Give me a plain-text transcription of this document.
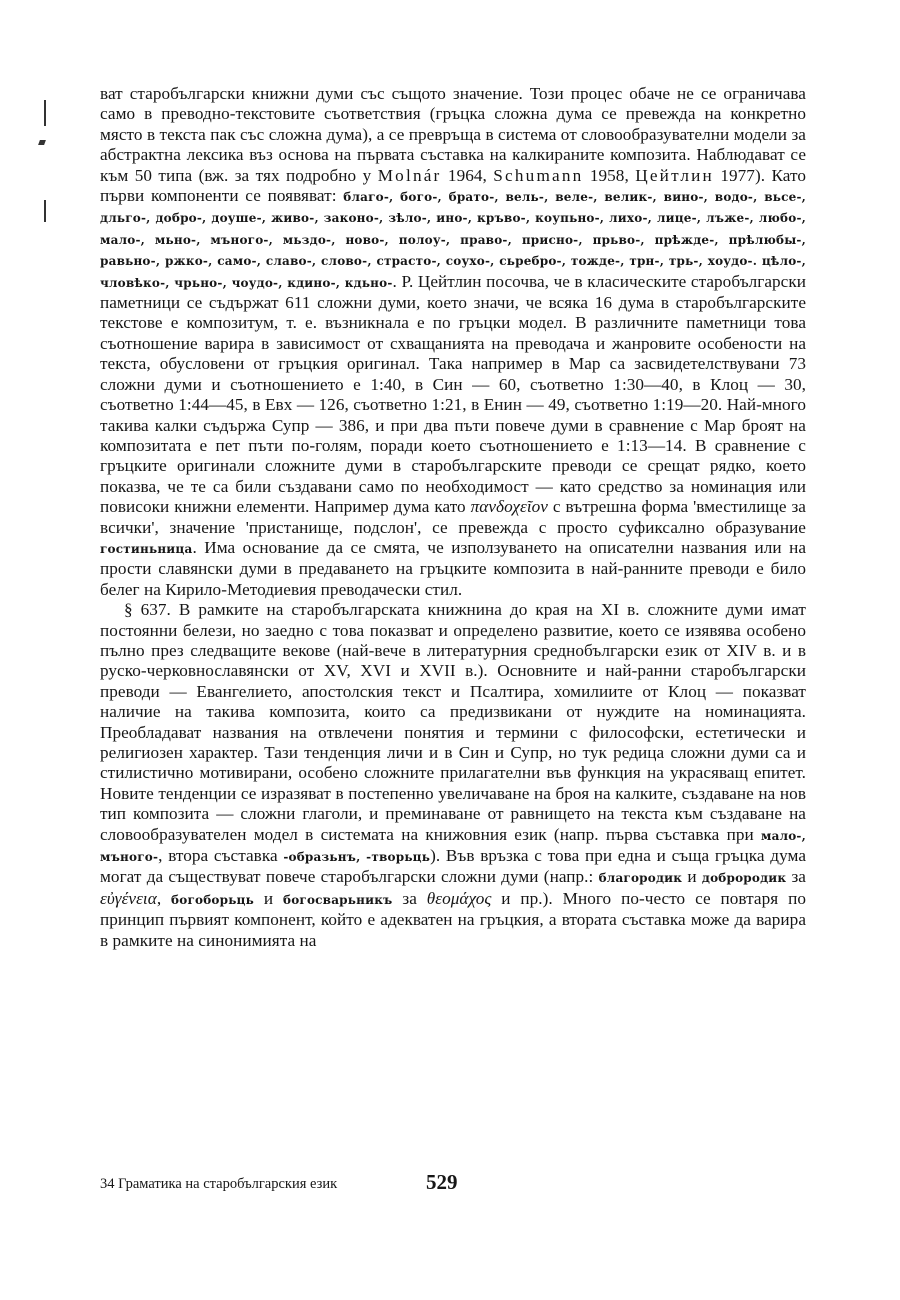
ват старобългарски книжни думи със същото значение. Този процес обаче не се ограничава само в преводно-текстовите съответствия (гръцка сложна дума се превежда на конкретно място в текста пак със сложна дума), а се превръща в система от словообразувателни модели за абстрактна лексика въз основа на първата съставка на калкираните композита. Наблюдават се към 50 типа (вж. за тях подробно у Molnár 1964, Schumann 1958, Цейтлин 1977). Като първи компоненти се появяват: благо-, бого-, брато-, вель-, веле-, велик-, вино-, водо-, вьсе-, дльго-, добро-, доуше-, живо-, законо-, зѣло-, ино-, кръво-, коупьно-, лихо-, лице-, лъже-, любо-, мало-, мьно-, мъного-, мьздо-, ново-, полоу-, право-, присно-, прьво-, прѣжде-, прѣлюбы-, равьно-, ржко-, само-, славо-, слово-, страсто-, соухо-, сьребро-, тожде-, трн-, трь-, хоудо-. цѣло-, чловѣко-, чрьно-, чоудо-, кдино-, кдьно-. Р. Цейтлин посочва, че в класическите старобългарски паметници се съдържат 611 сложни думи, което значи, че всяка 16 дума в старобългарските текстове е композитум, т. е. възникнала е по гръцки модел. В различните паметници това съотношение варира в зависимост от схващанията на преводача и жанровите особености на текста, обусловени от гръцкия оригинал. Така например в Мар са засвидетелствувани 73 сложни думи и съотношението е 1:40, в Син — 60, съответно 1:30—40, в Клоц — 30, съответно 1:44—45, в Евх — 126, съответно 1:21, в Енин — 49, съответно 1:19—20. Най-много такива калки съдържа Супр — 386, и при два пъти повече думи в сравнение с Мар броят на композитата е пет пъти по-голям, поради което съотношението е 1:13—14. В сравнение с гръцките оригинали сложните думи в старобългарските преводи се срещат рядко, което показва, че те са били създавани само по необходимост — като средство за номинация или повисоки книжни елементи. Например дума като πανδοχεῖον с вътрешна форма 'вместилище за всички', значение 'пристанище, подслон', се превежда с просто суфиксално образувание гостиньница. Има основание да се смята, че използуването на описателни названия или на прости славянски думи в предаването на гръцките композита в най-ранните преводи е било белег на Кирило-Методиевия преводачески стил.

§ 637. В рамките на старобългарската книжнина до края на XI в. сложните думи имат постоянни белези, но заедно с това показват и определено развитие, което се изявява особено пълно през следващите векове (най-вече в литературния среднобългарски език от XIV в. и в руско-черковнославянски от XV, XVI и XVII в.). Основните и най-ранни старобългарски преводи — Евангелието, апостолския текст и Псалтира, хомилиите от Клоц — показват наличие на такива композита, които са предизвикани от нуждите на номинацията. Преобладават названия на отвлечени понятия и термини с философски, естетически и религиозен характер. Тази тенденция личи и в Син и Супр, но тук редица сложни думи са и стилистично мотивирани, особено сложните прилагателни във функция на украсяващ епитет. Новите тенденции се изразяват в постепенно увеличаване на броя на калките, създаване на нов тип композита — сложни глаголи, и преминаване от равнището на текста към създаване на словообразувателен модел в системата на книжовния език (напр. първа съставка при мало-, мъного-, втора съставка -образьнъ, -творьць). Във връзка с това при една и съща гръцка дума могат да съществуват повече старобългарски сложни думи (напр.: благородик и доброродик за εὐγένεια, богоборьць и богосварьникъ за θεομάχος и пр.). Много по-често се повтаря по принцип първият компонент, който е адекватен на гръцкия, а втората съставка може да варира в рамките на синонимията на

34 Граматика на старобългарския език	529
